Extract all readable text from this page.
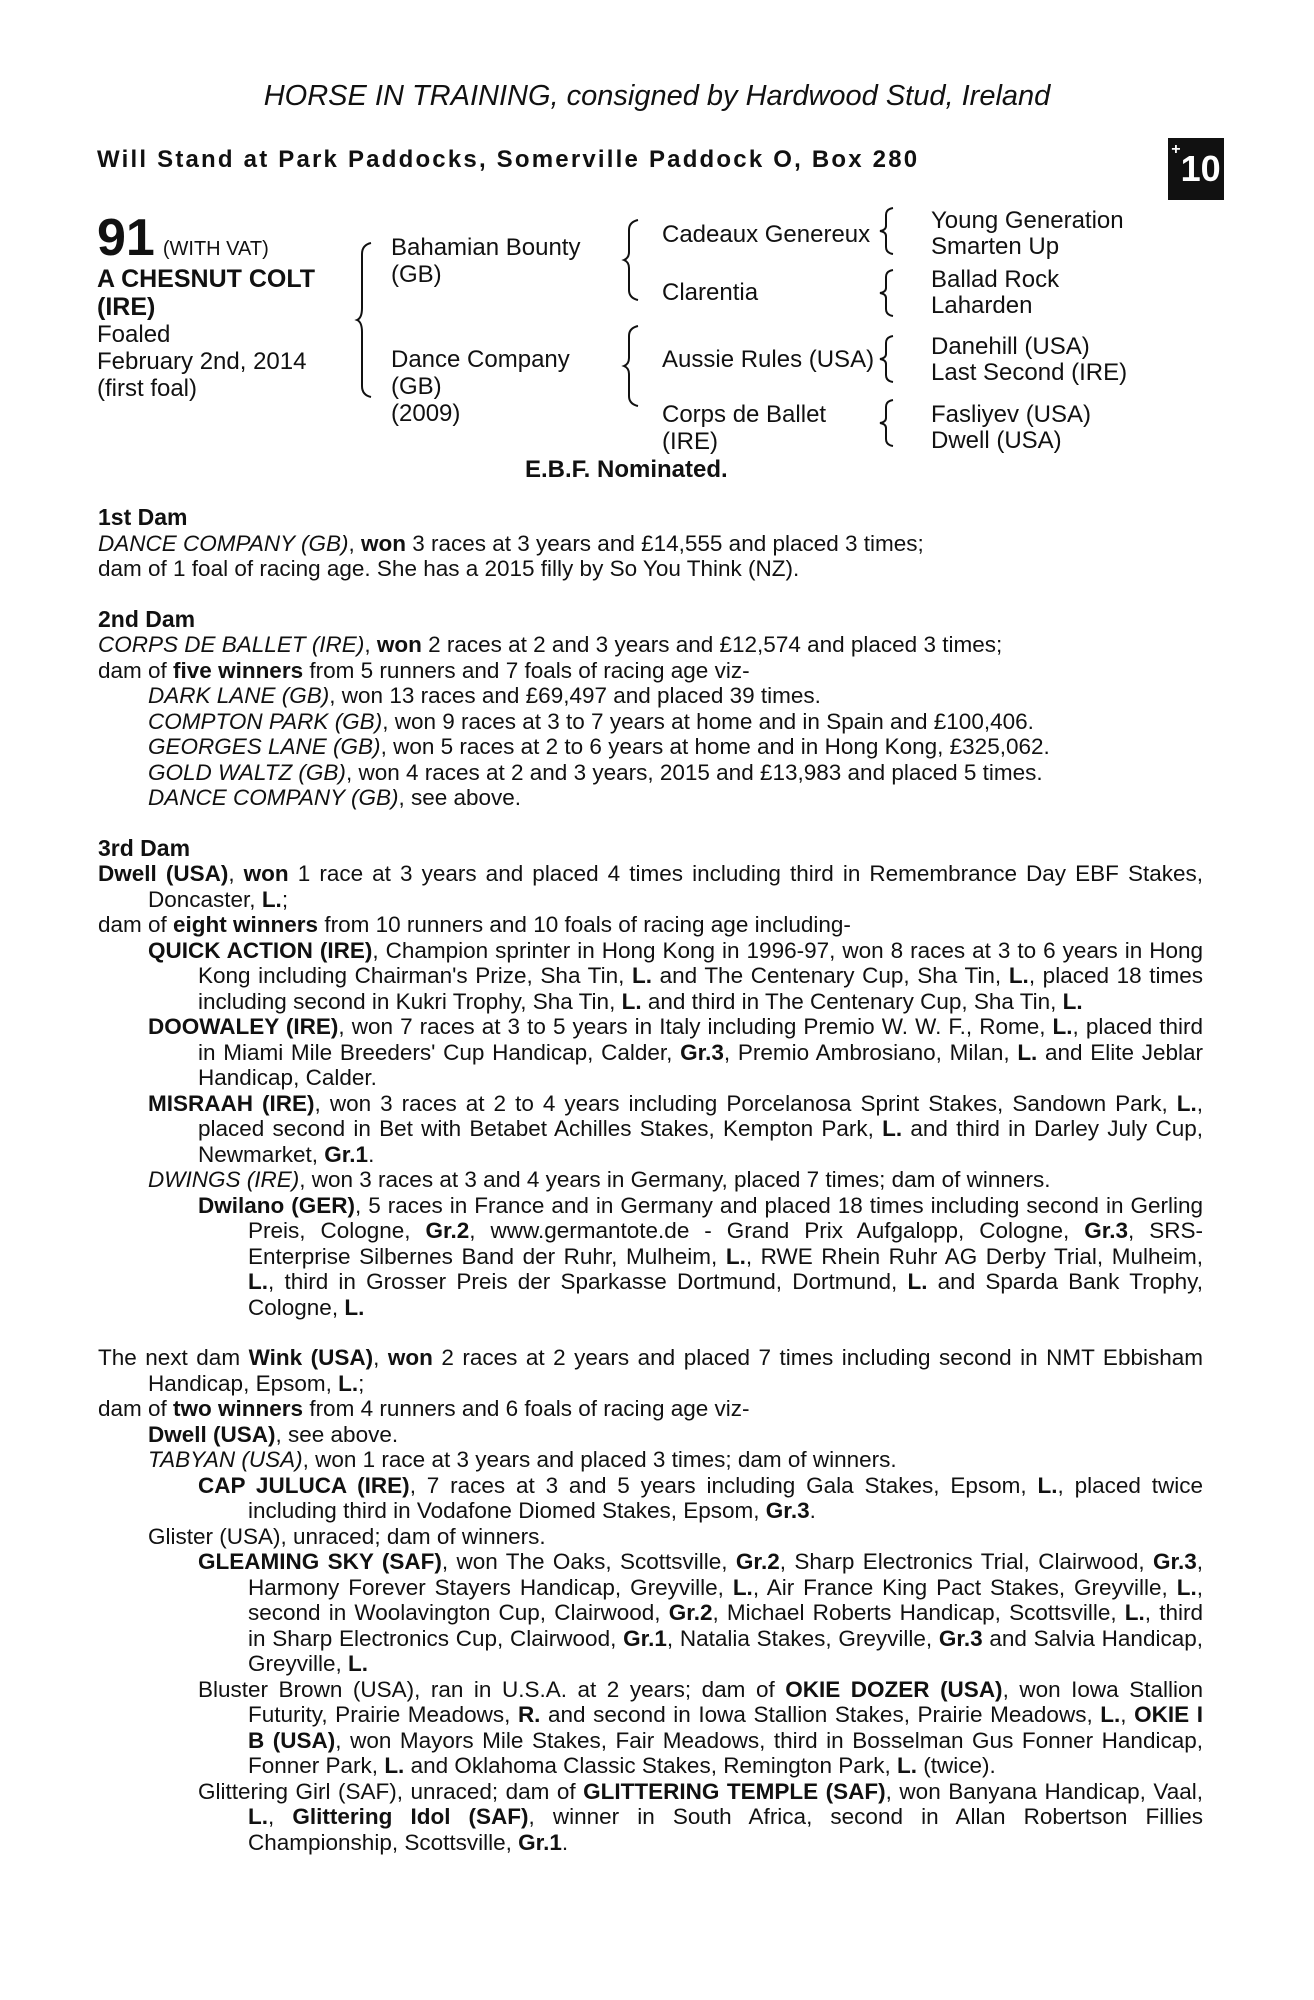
HORSE IN TRAINING, consigned by Hardwood Stud, Ireland
Will Stand at Park Paddocks, Somerville Paddock O, Box 280	+10
91 (WITH VAT)
A CHESNUT COLT
(IRE)
Foaled
February 2nd, 2014
(first foal)
Bahamian Bounty
(GB)
Dance Company
(GB)
(2009)
Cadeaux Genereux
Clarentia
Aussie Rules (USA)
Corps de Ballet
(IRE)
Young Generation
Smarten Up
Ballad Rock
Laharden
Danehill (USA)
Last Second (IRE)
Fasliyev (USA)
Dwell (USA)
E.B.F. Nominated.

1st Dam

DANCE COMPANY (GB), won 3 races at 3 years and £14,555 and placed 3 times;

dam of 1 foal of racing age. She has a 2015 filly by So You Think (NZ).

2nd Dam

CORPS DE BALLET (IRE), won 2 races at 2 and 3 years and £12,574 and placed 3 times;

dam of five winners from 5 runners and 7 foals of racing age viz-

DARK LANE (GB), won 13 races and £69,497 and placed 39 times.

COMPTON PARK (GB), won 9 races at 3 to 7 years at home and in Spain and £100,406.

GEORGES LANE (GB), won 5 races at 2 to 6 years at home and in Hong Kong, £325,062.

GOLD WALTZ (GB), won 4 races at 2 and 3 years, 2015 and £13,983 and placed 5 times.

DANCE COMPANY (GB), see above.

3rd Dam

Dwell (USA), won 1 race at 3 years and placed 4 times including third in Remembrance Day EBF Stakes, Doncaster, L.;

dam of eight winners from 10 runners and 10 foals of racing age including-

QUICK ACTION (IRE), Champion sprinter in Hong Kong in 1996-97, won 8 races at 3 to 6 years in Hong Kong including Chairman's Prize, Sha Tin, L. and The Centenary Cup, Sha Tin, L., placed 18 times including second in Kukri Trophy, Sha Tin, L. and third in The Centenary Cup, Sha Tin, L.

DOOWALEY (IRE), won 7 races at 3 to 5 years in Italy including Premio W. W. F., Rome, L., placed third in Miami Mile Breeders' Cup Handicap, Calder, Gr.3, Premio Ambrosiano, Milan, L. and Elite Jeblar Handicap, Calder.

MISRAAH (IRE), won 3 races at 2 to 4 years including Porcelanosa Sprint Stakes, Sandown Park, L., placed second in Bet with Betabet Achilles Stakes, Kempton Park, L. and third in Darley July Cup, Newmarket, Gr.1.

DWINGS (IRE), won 3 races at 3 and 4 years in Germany, placed 7 times; dam of winners.

Dwilano (GER), 5 races in France and in Germany and placed 18 times including second in Gerling Preis, Cologne, Gr.2, www.germantote.de - Grand Prix Aufgalopp, Cologne, Gr.3, SRS-Enterprise Silbernes Band der Ruhr, Mulheim, L., RWE Rhein Ruhr AG Derby Trial, Mulheim, L., third in Grosser Preis der Sparkasse Dortmund, Dortmund, L. and Sparda Bank Trophy, Cologne, L.

The next dam Wink (USA), won 2 races at 2 years and placed 7 times including second in NMT Ebbisham Handicap, Epsom, L.;

dam of two winners from 4 runners and 6 foals of racing age viz-

Dwell (USA), see above.

TABYAN (USA), won 1 race at 3 years and placed 3 times; dam of winners.

CAP JULUCA (IRE), 7 races at 3 and 5 years including Gala Stakes, Epsom, L., placed twice including third in Vodafone Diomed Stakes, Epsom, Gr.3.

Glister (USA), unraced; dam of winners.

GLEAMING SKY (SAF), won The Oaks, Scottsville, Gr.2, Sharp Electronics Trial, Clairwood, Gr.3, Harmony Forever Stayers Handicap, Greyville, L., Air France King Pact Stakes, Greyville, L., second in Woolavington Cup, Clairwood, Gr.2, Michael Roberts Handicap, Scottsville, L., third in Sharp Electronics Cup, Clairwood, Gr.1, Natalia Stakes, Greyville, Gr.3 and Salvia Handicap, Greyville, L.

Bluster Brown (USA), ran in U.S.A. at 2 years; dam of OKIE DOZER (USA), won Iowa Stallion Futurity, Prairie Meadows, R. and second in Iowa Stallion Stakes, Prairie Meadows, L., OKIE I B (USA), won Mayors Mile Stakes, Fair Meadows, third in Bosselman Gus Fonner Handicap, Fonner Park, L. and Oklahoma Classic Stakes, Remington Park, L. (twice).

Glittering Girl (SAF), unraced; dam of GLITTERING TEMPLE (SAF), won Banyana Handicap, Vaal, L., Glittering Idol (SAF), winner in South Africa, second in Allan Robertson Fillies Championship, Scottsville, Gr.1.
